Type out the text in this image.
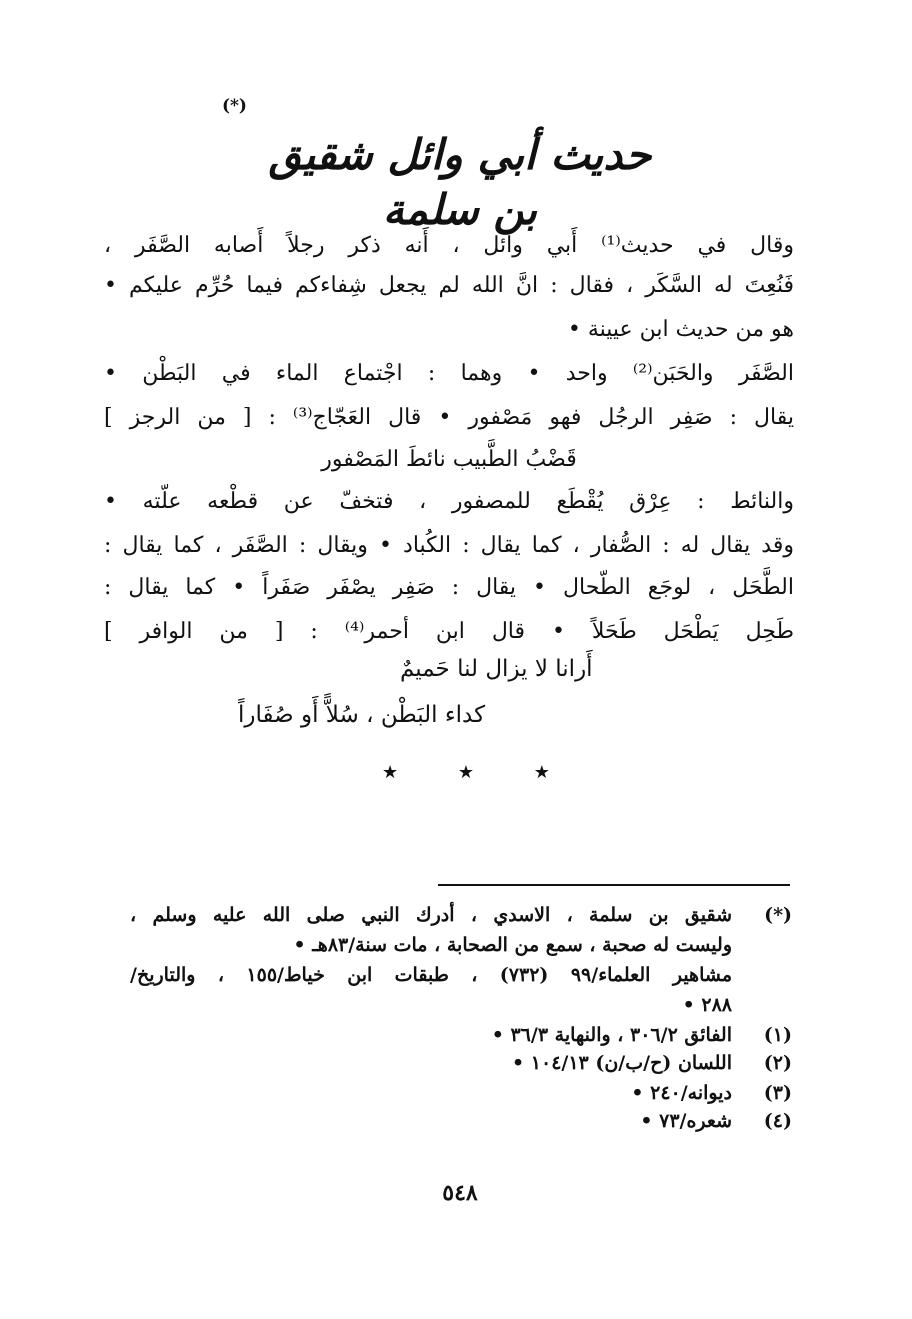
(*)
حديث أبي وائل شقيق بن سلمة
وقال في حديث⁽¹⁾ أَبي وائل ، أَنه ذكر رجلاً أَصابه الصَّفَر ،
فَنُعِتَ له السَّكَر ، فقال : انَّ الله لم يجعل شِفاءكم فيما حُرِّم عليكم •
هو من حديث ابن عيينة •
الصَّفَر والحَبَن⁽²⁾ واحد • وهما : اجْتماع الماء في البَطْن •
يقال : صَفِر الرجُل فهو مَصْفور • قال العَجّاج⁽³⁾ : [ من الرجز ]
قَضْبُ الطَّبيب نائطَ المَصْفور
والنائط : عِرْق يُقْطَع للمصفور ، فتخفّ عن قطْعه علّته •
وقد يقال له : الصُّفار ، كما يقال : الكُباد • ويقال : الصَّفَر ، كما يقال :
الطَّحَل ، لوجَع الطّحال • يقال : صَفِر يصْفَر صَفَراً • كما يقال :
طَحِل يَطْحَل طَحَلاً • قال ابن أحمر⁽⁴⁾ : [ من الوافر ]
أَرانا لا يزال لنا حَميمٌ
كداء البَطْن ، سُلاًّ أَو صُفَاراً
★	★	★
(*)
شقيق بن سلمة ، الاسدي ، أدرك النبي صلى الله عليه وسلم ،
وليست له صحبة ، سمع من الصحابة ، مات سنة/٨٣هـ •
مشاهير العلماء/٩٩ (٧٣٢) ، طبقات ابن خياط/١٥٥ ، والتاريخ/
٢٨٨ •
(١)
الفائق ٣٠٦/٢ ، والنهاية ٣٦/٣ •
(٢)
اللسان (ح/ب/ن) ١٠٤/١٣ •
(٣)
ديوانه/٢٤٠ •
(٤)
شعره/٧٣ •
٥٤٨
